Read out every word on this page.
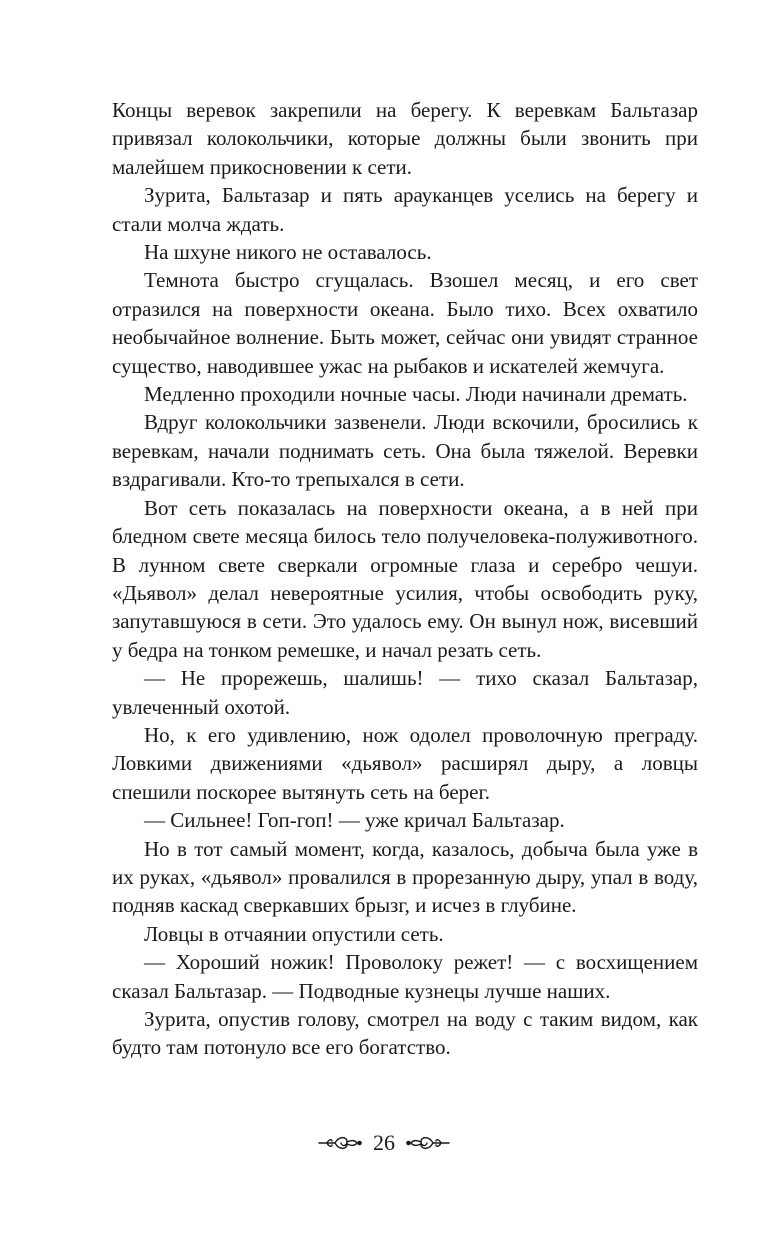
Концы веревок закрепили на берегу. К веревкам Бальтазар привязал колокольчики, которые должны были звонить при малейшем прикосновении к сети.

Зурита, Бальтазар и пять арауканцев уселись на берегу и стали молча ждать.

На шхуне никого не оставалось.

Темнота быстро сгущалась. Взошел месяц, и его свет отразился на поверхности океана. Было тихо. Всех охватило необычайное волнение. Быть может, сейчас они увидят странное существо, наводившее ужас на рыбаков и искателей жемчуга.

Медленно проходили ночные часы. Люди начинали дремать.

Вдруг колокольчики зазвенели. Люди вскочили, бросились к веревкам, начали поднимать сеть. Она была тяжелой. Веревки вздрагивали. Кто-то трепыхался в сети.

Вот сеть показалась на поверхности океана, а в ней при бледном свете месяца билось тело получеловека-полуживотного. В лунном свете сверкали огромные глаза и серебро чешуи. «Дьявол» делал невероятные усилия, чтобы освободить руку, запутавшуюся в сети. Это удалось ему. Он вынул нож, висевший у бедра на тонком ремешке, и начал резать сеть.

— Не прорежешь, шалишь! — тихо сказал Бальтазар, увлеченный охотой.

Но, к его удивлению, нож одолел проволочную преграду. Ловкими движениями «дьявол» расширял дыру, а ловцы спешили поскорее вытянуть сеть на берег.

— Сильнее! Гоп-гоп! — уже кричал Бальтазар.

Но в тот самый момент, когда, казалось, добыча была уже в их руках, «дьявол» провалился в прорезанную дыру, упал в воду, подняв каскад сверкавших брызг, и исчез в глубине.

Ловцы в отчаянии опустили сеть.

— Хороший ножик! Проволоку режет! — с восхищением сказал Бальтазар. — Подводные кузнецы лучше наших.

Зурита, опустив голову, смотрел на воду с таким видом, как будто там потонуло все его богатство.

26
